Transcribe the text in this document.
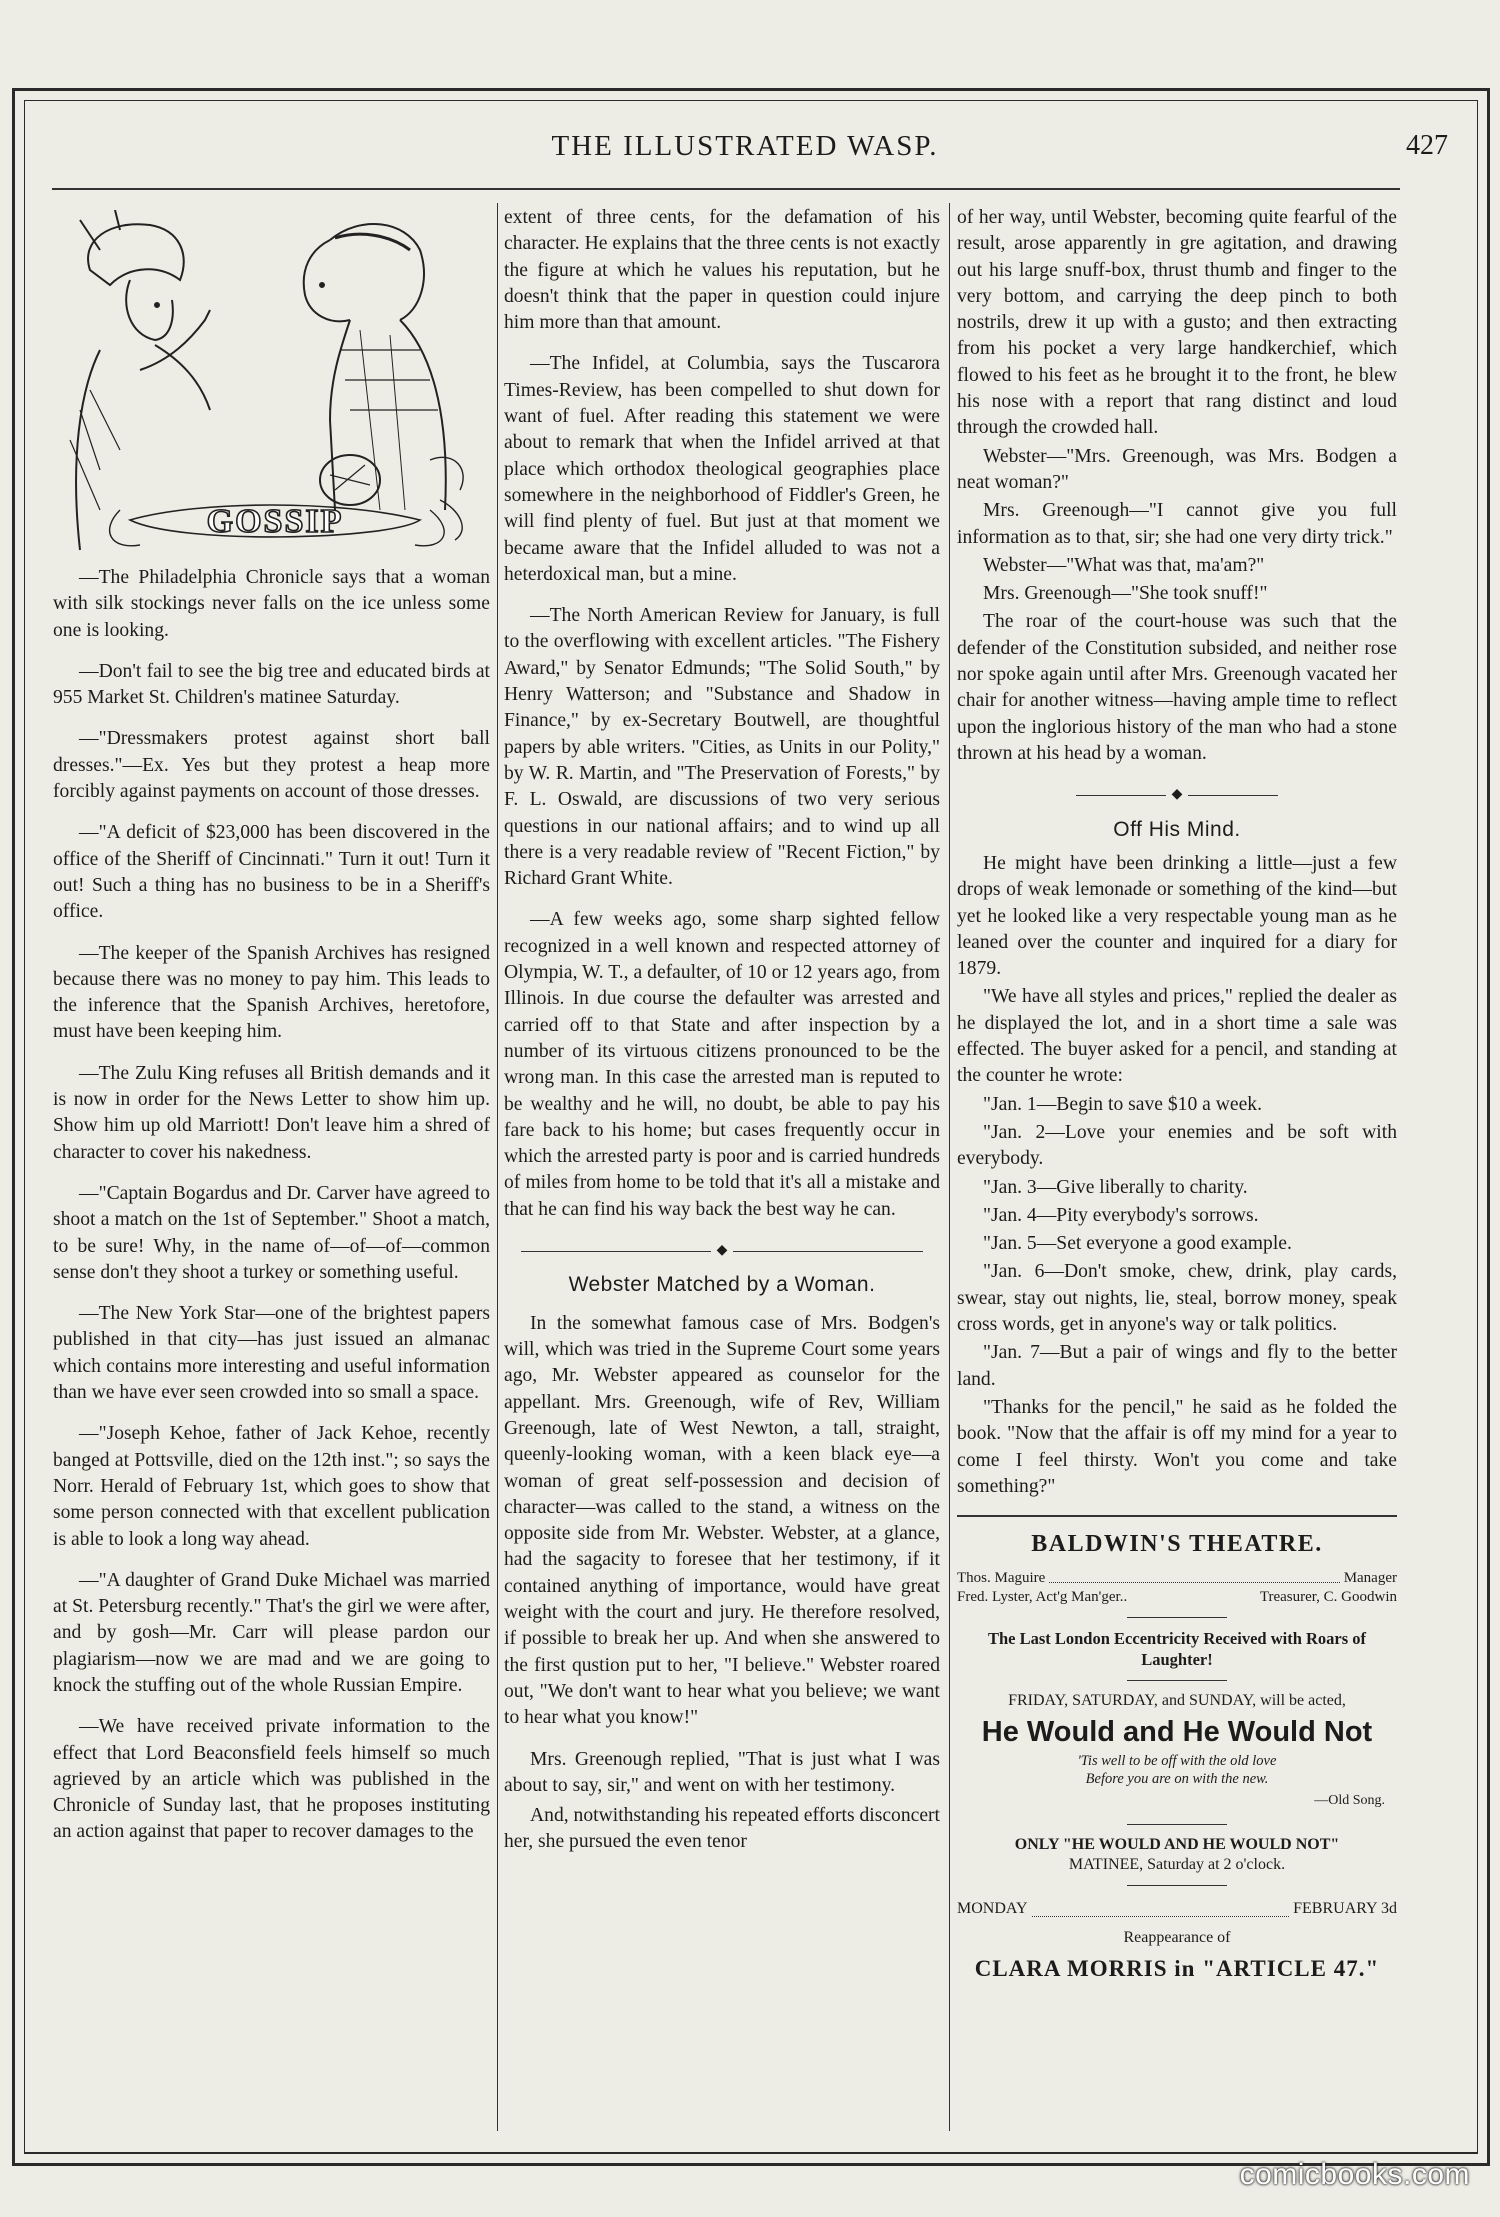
THE ILLUSTRATED WASP.	427
GOSSIP

—The Philadelphia Chronicle says that a woman with silk stockings never falls on the ice unless some one is looking.

—Don't fail to see the big tree and educated birds at 955 Market St. Children's matinee Saturday.

—"Dressmakers protest against short ball dresses."—Ex. Yes but they protest a heap more forcibly against payments on account of those dresses.

—"A deficit of $23,000 has been discovered in the office of the Sheriff of Cincinnati." Turn it out! Turn it out! Such a thing has no business to be in a Sheriff's office.

—The keeper of the Spanish Archives has resigned because there was no money to pay him. This leads to the inference that the Spanish Archives, heretofore, must have been keeping him.

—The Zulu King refuses all British demands and it is now in order for the News Letter to show him up. Show him up old Marriott! Don't leave him a shred of character to cover his nakedness.

—"Captain Bogardus and Dr. Carver have agreed to shoot a match on the 1st of September." Shoot a match, to be sure! Why, in the name of—of—of—common sense don't they shoot a turkey or something useful.

—The New York Star—one of the brightest papers published in that city—has just issued an almanac which contains more interesting and useful information than we have ever seen crowded into so small a space.

—"Joseph Kehoe, father of Jack Kehoe, recently banged at Pottsville, died on the 12th inst."; so says the Norr. Herald of February 1st, which goes to show that some person connected with that excellent publication is able to look a long way ahead.

—"A daughter of Grand Duke Michael was married at St. Petersburg recently." That's the girl we were after, and by gosh—Mr. Carr will please pardon our plagiarism—now we are mad and we are going to knock the stuffing out of the whole Russian Empire.

—We have received private information to the effect that Lord Beaconsfield feels himself so much agrieved by an article which was published in the Chronicle of Sunday last, that he proposes instituting an action against that paper to recover damages to the

extent of three cents, for the defamation of his character. He explains that the three cents is not exactly the figure at which he values his reputation, but he doesn't think that the paper in question could injure him more than that amount.

—The Infidel, at Columbia, says the Tuscarora Times-Review, has been compelled to shut down for want of fuel. After reading this statement we were about to remark that when the Infidel arrived at that place which orthodox theological geographies place somewhere in the neighborhood of Fiddler's Green, he will find plenty of fuel. But just at that moment we became aware that the Infidel alluded to was not a heterdoxical man, but a mine.

—The North American Review for January, is full to the overflowing with excellent articles. "The Fishery Award," by Senator Edmunds; "The Solid South," by Henry Watterson; and "Substance and Shadow in Finance," by ex-Secretary Boutwell, are thoughtful papers by able writers. "Cities, as Units in our Polity," by W. R. Martin, and "The Preservation of Forests," by F. L. Oswald, are discussions of two very serious questions in our national affairs; and to wind up all there is a very readable review of "Recent Fiction," by Richard Grant White.

—A few weeks ago, some sharp sighted fellow recognized in a well known and respected attorney of Olympia, W. T., a defaulter, of 10 or 12 years ago, from Illinois. In due course the defaulter was arrested and carried off to that State and after inspection by a number of its virtuous citizens pronounced to be the wrong man. In this case the arrested man is reputed to be wealthy and he will, no doubt, be able to pay his fare back to his home; but cases frequently occur in which the arrested party is poor and is carried hundreds of miles from home to be told that it's all a mistake and that he can find his way back the best way he can.

◆
Webster Matched by a Woman.

In the somewhat famous case of Mrs. Bodgen's will, which was tried in the Supreme Court some years ago, Mr. Webster appeared as counselor for the appellant. Mrs. Greenough, wife of Rev, William Greenough, late of West Newton, a tall, straight, queenly-looking woman, with a keen black eye—a woman of great self-possession and decision of character—was called to the stand, a witness on the opposite side from Mr. Webster. Webster, at a glance, had the sagacity to foresee that her testimony, if it contained anything of importance, would have great weight with the court and jury. He therefore resolved, if possible to break her up. And when she answered to the first qustion put to her, "I believe." Webster roared out, "We don't want to hear what you believe; we want to hear what you know!"

Mrs. Greenough replied, "That is just what I was about to say, sir," and went on with her testimony.

And, notwithstanding his repeated efforts disconcert her, she pursued the even tenor

of her way, until Webster, becoming quite fearful of the result, arose apparently in gre agitation, and drawing out his large snuff-box, thrust thumb and finger to the very bottom, and carrying the deep pinch to both nostrils, drew it up with a gusto; and then extracting from his pocket a very large handkerchief, which flowed to his feet as he brought it to the front, he blew his nose with a report that rang distinct and loud through the crowded hall.

Webster—"Mrs. Greenough, was Mrs. Bodgen a neat woman?"

Mrs. Greenough—"I cannot give you full information as to that, sir; she had one very dirty trick."

Webster—"What was that, ma'am?"

Mrs. Greenough—"She took snuff!"

The roar of the court-house was such that the defender of the Constitution subsided, and neither rose nor spoke again until after Mrs. Greenough vacated her chair for another witness—having ample time to reflect upon the inglorious history of the man who had a stone thrown at his head by a woman.

◆
Off His Mind.

He might have been drinking a little—just a few drops of weak lemonade or something of the kind—but yet he looked like a very respectable young man as he leaned over the counter and inquired for a diary for 1879.

"We have all styles and prices," replied the dealer as he displayed the lot, and in a short time a sale was effected. The buyer asked for a pencil, and standing at the counter he wrote:

"Jan. 1—Begin to save $10 a week.

"Jan. 2—Love your enemies and be soft with everybody.

"Jan. 3—Give liberally to charity.

"Jan. 4—Pity everybody's sorrows.

"Jan. 5—Set everyone a good example.

"Jan. 6—Don't smoke, chew, drink, play cards, swear, stay out nights, lie, steal, borrow money, speak cross words, get in anyone's way or talk politics.

"Jan. 7—But a pair of wings and fly to the better land.

"Thanks for the pencil," he said as he folded the book. "Now that the affair is off my mind for a year to come I feel thirsty. Won't you come and take something?"

BALDWIN'S THEATRE.
Thos. Maguire	Manager
Fred. Lyster, Act'g Man'ger..	Treasurer, C. Goodwin
The Last London Eccentricity Received with Roars of Laughter!
FRIDAY, SATURDAY, and SUNDAY, will be acted,
He Would and He Would Not
'Tis well to be off with the old love
Before you are on with the new.
—Old Song.
ONLY "HE WOULD AND HE WOULD NOT"
MATINEE, Saturday at 2 o'clock.
MONDAY	FEBRUARY 3d
Reappearance of
CLARA MORRIS in "ARTICLE 47."
comicbooks.com
